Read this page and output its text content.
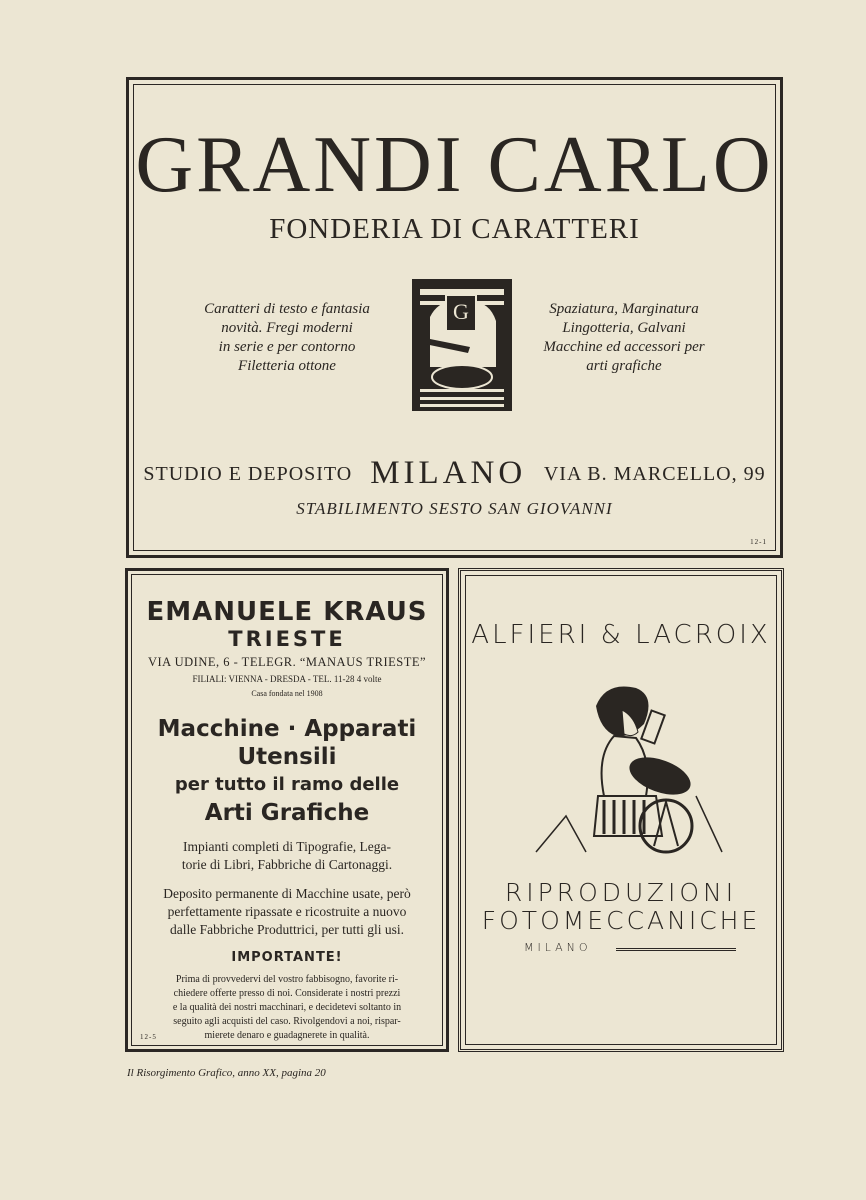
GRANDI CARLO
FONDERIA DI CARATTERI
Caratteri di testo e fantasia
novità. Fregi moderni
in serie e per contorno
Filetteria ottone
G	Spaziatura, Marginatura
Lingotteria, Galvani
Macchine ed accessori per
arti grafiche
STUDIO E DEPOSITO MILANO VIA B. MARCELLO, 99
STABILIMENTO SESTO SAN GIOVANNI
12-1
EMANUELE KRAUS
TRIESTE
VIA UDINE, 6 - TELEGR. “MANAUS TRIESTE”
FILIALI: VIENNA - DRESDA - TEL. 11-28 4 volte
Casa fondata nel 1908
Macchine · Apparati
Utensili
per tutto il ramo delle
Arti Grafiche
Impianti completi di Tipografie, Lega-
torie di Libri, Fabbriche di Cartonaggi.
Deposito permanente di Macchine usate, però
perfettamente ripassate e ricostruite a nuovo
dalle Fabbriche Produttrici, per tutti gli usi.
IMPORTANTE!
Prima di provvedervi del vostro fabbisogno, favorite ri-
chiedere offerte presso di noi. Considerate i nostri prezzi
e la qualità dei nostri macchinari, e decidetevi soltanto in
seguito agli acquisti del caso. Rivolgendovi a noi, rispar-
mierete denaro e guadagnerete in qualità.
12-5
ALFIERI & LACROIX
RIPRODUZIONI
FOTOMECCANICHE
MILANO
Il Risorgimento Grafico, anno XX, pagina 20
